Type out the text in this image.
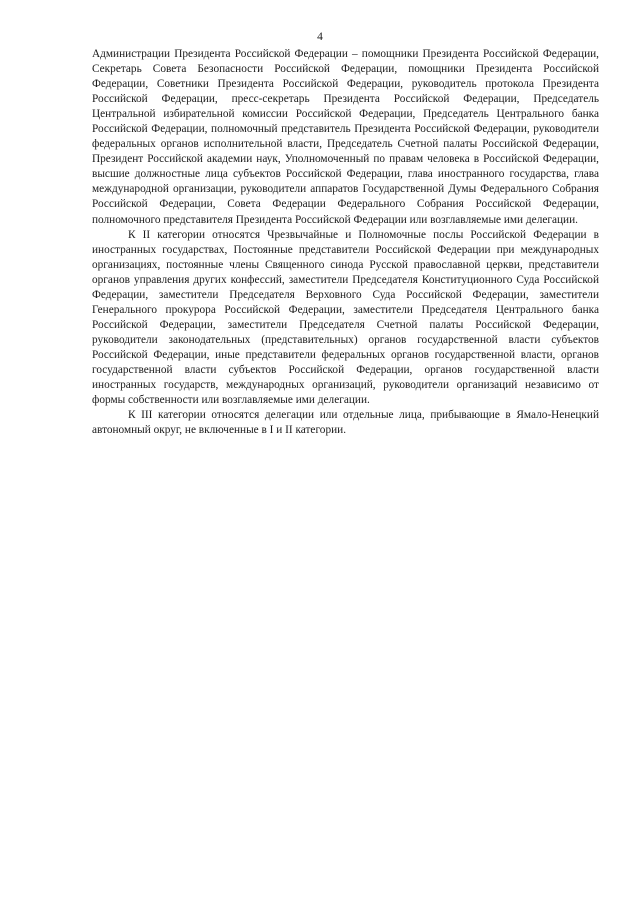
4

Администрации Президента Российской Федерации – помощники Президента Российской Федерации, Секретарь Совета Безопасности Российской Федерации, помощники Президента Российской Федерации, Советники Президента Российской Федерации, руководитель протокола Президента Российской Федерации, пресс-секретарь Президента Российской Федерации, Председатель Центральной избирательной комиссии Российской Федерации, Председатель Центрального банка Российской Федерации, полномочный представитель Президента Российской Федерации, руководители федеральных органов исполнительной власти, Председатель Счетной палаты Российской Федерации, Президент Российской академии наук, Уполномоченный по правам человека в Российской Федерации, высшие должностные лица субъектов Российской Федерации, глава иностранного государства, глава международной организации, руководители аппаратов Государственной Думы Федерального Собрания Российской Федерации, Совета Федерации Федерального Собрания Российской Федерации, полномочного представителя Президента Российской Федерации или возглавляемые ими делегации.

К II категории относятся Чрезвычайные и Полномочные послы Российской Федерации в иностранных государствах, Постоянные представители Российской Федерации при международных организациях, постоянные члены Священного синода Русской православной церкви, представители органов управления других конфессий, заместители Председателя Конституционного Суда Российской Федерации, заместители Председателя Верховного Суда Российской Федерации, заместители Генерального прокурора Российской Федерации, заместители Председателя Центрального банка Российской Федерации, заместители Председателя Счетной палаты Российской Федерации, руководители законодательных (представительных) органов государственной власти субъектов Российской Федерации, иные представители федеральных органов государственной власти, органов государственной власти субъектов Российской Федерации, органов государственной власти иностранных государств, международных организаций, руководители организаций независимо от формы собственности или возглавляемые ими делегации.

К III категории относятся делегации или отдельные лица, прибывающие в Ямало-Ненецкий автономный округ, не включенные в I и II категории.
